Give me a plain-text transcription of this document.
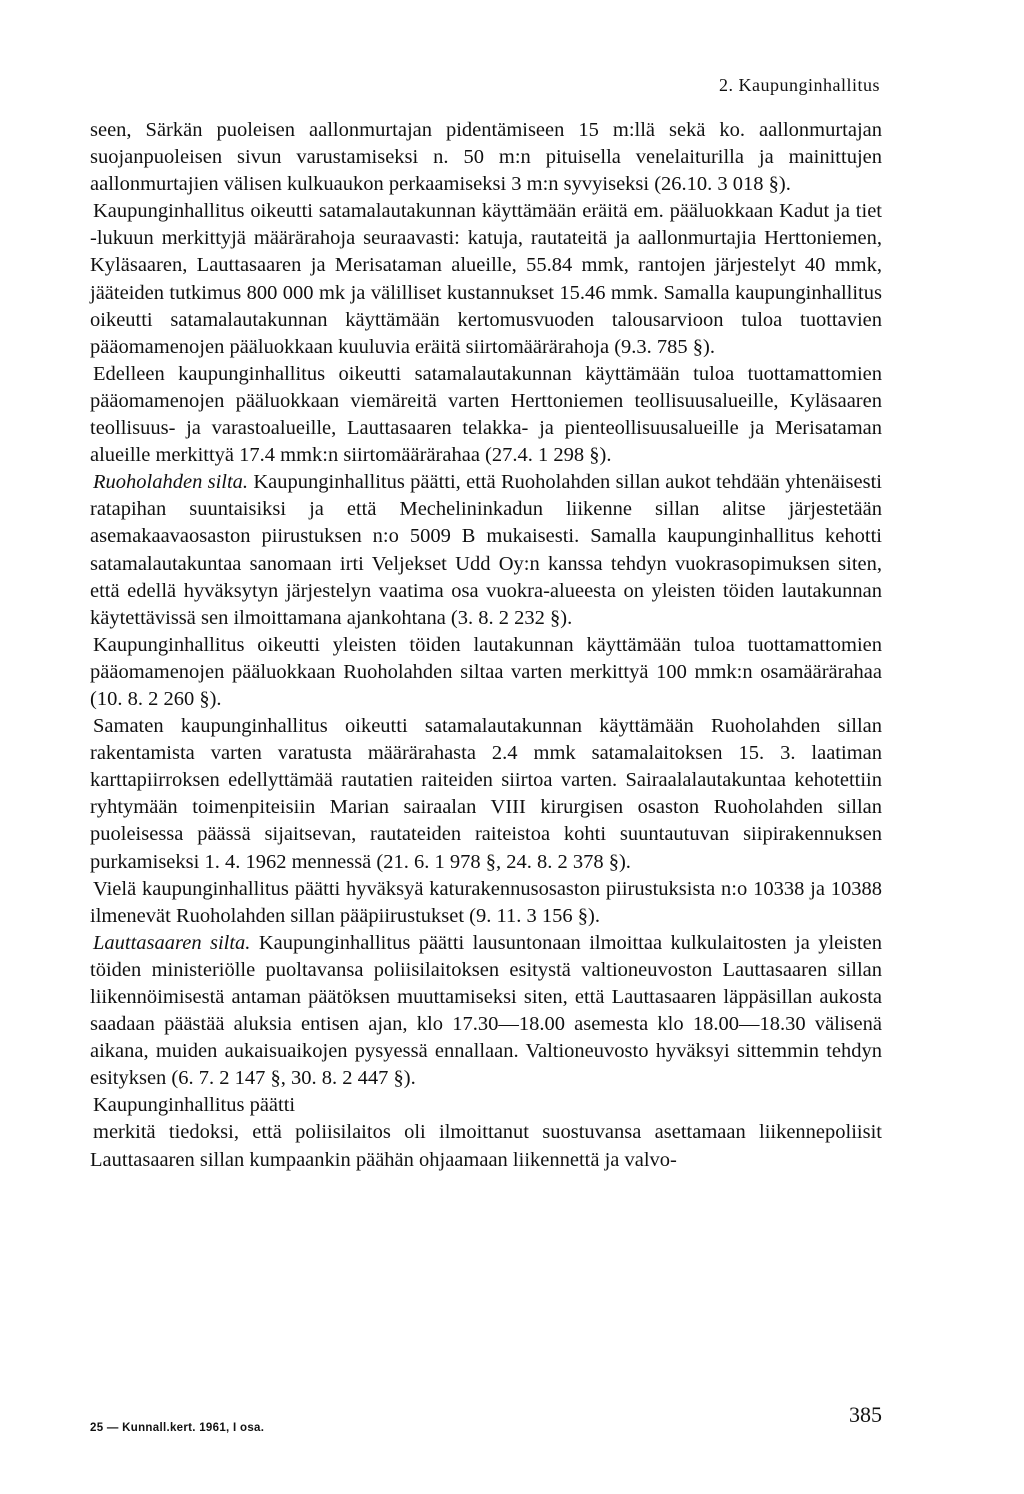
2. Kaupunginhallitus

seen, Särkän puoleisen aallonmurtajan pidentämiseen 15 m:llä sekä ko. aallonmurtajan suojanpuoleisen sivun varustamiseksi n. 50 m:n pituisella venelaiturilla ja mainittujen aallonmurtajien välisen kulkuaukon perkaamiseksi 3 m:n syvyiseksi (26.10. 3 018 §).

Kaupunginhallitus oikeutti satamalautakunnan käyttämään eräitä em. pääluokkaan Kadut ja tiet -lukuun merkittyjä määrärahoja seuraavasti: katuja, rautateitä ja aallonmurtajia Herttoniemen, Kyläsaaren, Lauttasaaren ja Merisataman alueille, 55.84 mmk, rantojen järjestelyt 40 mmk, jääteiden tutkimus 800 000 mk ja välilliset kustannukset 15.46 mmk. Samalla kaupunginhallitus oikeutti satamalautakunnan käyttämään kertomusvuoden talousarvioon tuloa tuottavien pääomamenojen pääluokkaan kuuluvia eräitä siirtomäärärahoja (9.3. 785 §).

Edelleen kaupunginhallitus oikeutti satamalautakunnan käyttämään tuloa tuottamattomien pääomamenojen pääluokkaan viemäreitä varten Herttoniemen teollisuusalueille, Kyläsaaren teollisuus- ja varastoalueille, Lauttasaaren telakka- ja pienteollisuusalueille ja Merisataman alueille merkittyä 17.4 mmk:n siirtomäärärahaa (27.4. 1 298 §).

Ruoholahden silta. Kaupunginhallitus päätti, että Ruoholahden sillan aukot tehdään yhtenäisesti ratapihan suuntaisiksi ja että Mechelininkadun liikenne sillan alitse järjestetään asemakaavaosaston piirustuksen n:o 5009 B mukaisesti. Samalla kaupunginhallitus kehotti satamalautakuntaa sanomaan irti Veljekset Udd Oy:n kanssa tehdyn vuokrasopimuksen siten, että edellä hyväksytyn järjestelyn vaatima osa vuokra-alueesta on yleisten töiden lautakunnan käytettävissä sen ilmoittamana ajankohtana (3. 8. 2 232 §).

Kaupunginhallitus oikeutti yleisten töiden lautakunnan käyttämään tuloa tuottamattomien pääomamenojen pääluokkaan Ruoholahden siltaa varten merkittyä 100 mmk:n osamäärärahaa (10. 8. 2 260 §).

Samaten kaupunginhallitus oikeutti satamalautakunnan käyttämään Ruoholahden sillan rakentamista varten varatusta määrärahasta 2.4 mmk satamalaitoksen 15. 3. laatiman karttapiirroksen edellyttämää rautatien raiteiden siirtoa varten. Sairaalalautakuntaa kehotettiin ryhtymään toimenpiteisiin Marian sairaalan VIII kirurgisen osaston Ruoholahden sillan puoleisessa päässä sijaitsevan, rautateiden raiteistoa kohti suuntautuvan siipirakennuksen purkamiseksi 1. 4. 1962 mennessä (21. 6. 1 978 §, 24. 8. 2 378 §).

Vielä kaupunginhallitus päätti hyväksyä katurakennusosaston piirustuksista n:o 10338 ja 10388 ilmenevät Ruoholahden sillan pääpiirustukset (9. 11. 3 156 §).

Lauttasaaren silta. Kaupunginhallitus päätti lausuntonaan ilmoittaa kulkulaitosten ja yleisten töiden ministeriölle puoltavansa poliisilaitoksen esitystä valtioneuvoston Lauttasaaren sillan liikennöimisestä antaman päätöksen muuttamiseksi siten, että Lauttasaaren läppäsillan aukosta saadaan päästää aluksia entisen ajan, klo 17.30—18.00 asemesta klo 18.00—18.30 välisenä aikana, muiden aukaisuaikojen pysyessä ennallaan. Valtioneuvosto hyväksyi sittemmin tehdyn esityksen (6. 7. 2 147 §, 30. 8. 2 447 §).

Kaupunginhallitus päätti

merkitä tiedoksi, että poliisilaitos oli ilmoittanut suostuvansa asettamaan liikennepoliisit Lauttasaaren sillan kumpaankin päähän ohjaamaan liikennettä ja valvo-

25 — Kunnall.kert. 1961, I osa.
385
